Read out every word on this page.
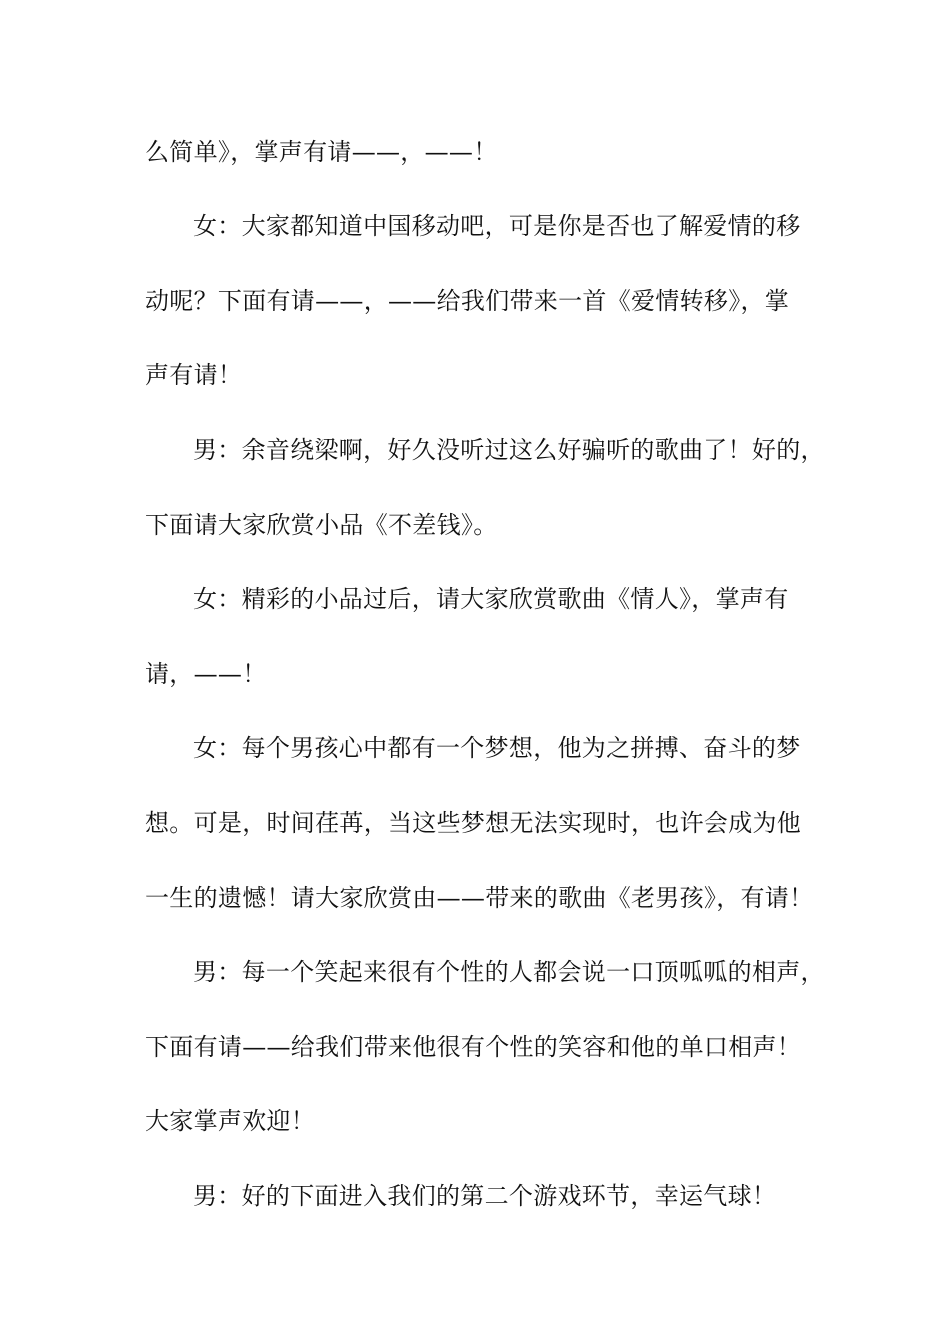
么简单》，掌声有请——，——！
女：大家都知道中国移动吧，可是你是否也了解爱情的移
动呢？下面有请——，——给我们带来一首《爱情转移》，掌
声有请！
男：余音绕梁啊，好久没听过这么好骗听的歌曲了！好的，
下面请大家欣赏小品《不差钱》。
女：精彩的小品过后，请大家欣赏歌曲《情人》，掌声有
请，——！
女：每个男孩心中都有一个梦想，他为之拼搏、奋斗的梦
想。可是，时间荏苒，当这些梦想无法实现时，也许会成为他
一生的遗憾！请大家欣赏由——带来的歌曲《老男孩》，有请！
男：每一个笑起来很有个性的人都会说一口顶呱呱的相声，
下面有请——给我们带来他很有个性的笑容和他的单口相声！
大家掌声欢迎！
男：好的下面进入我们的第二个游戏环节，幸运气球！
